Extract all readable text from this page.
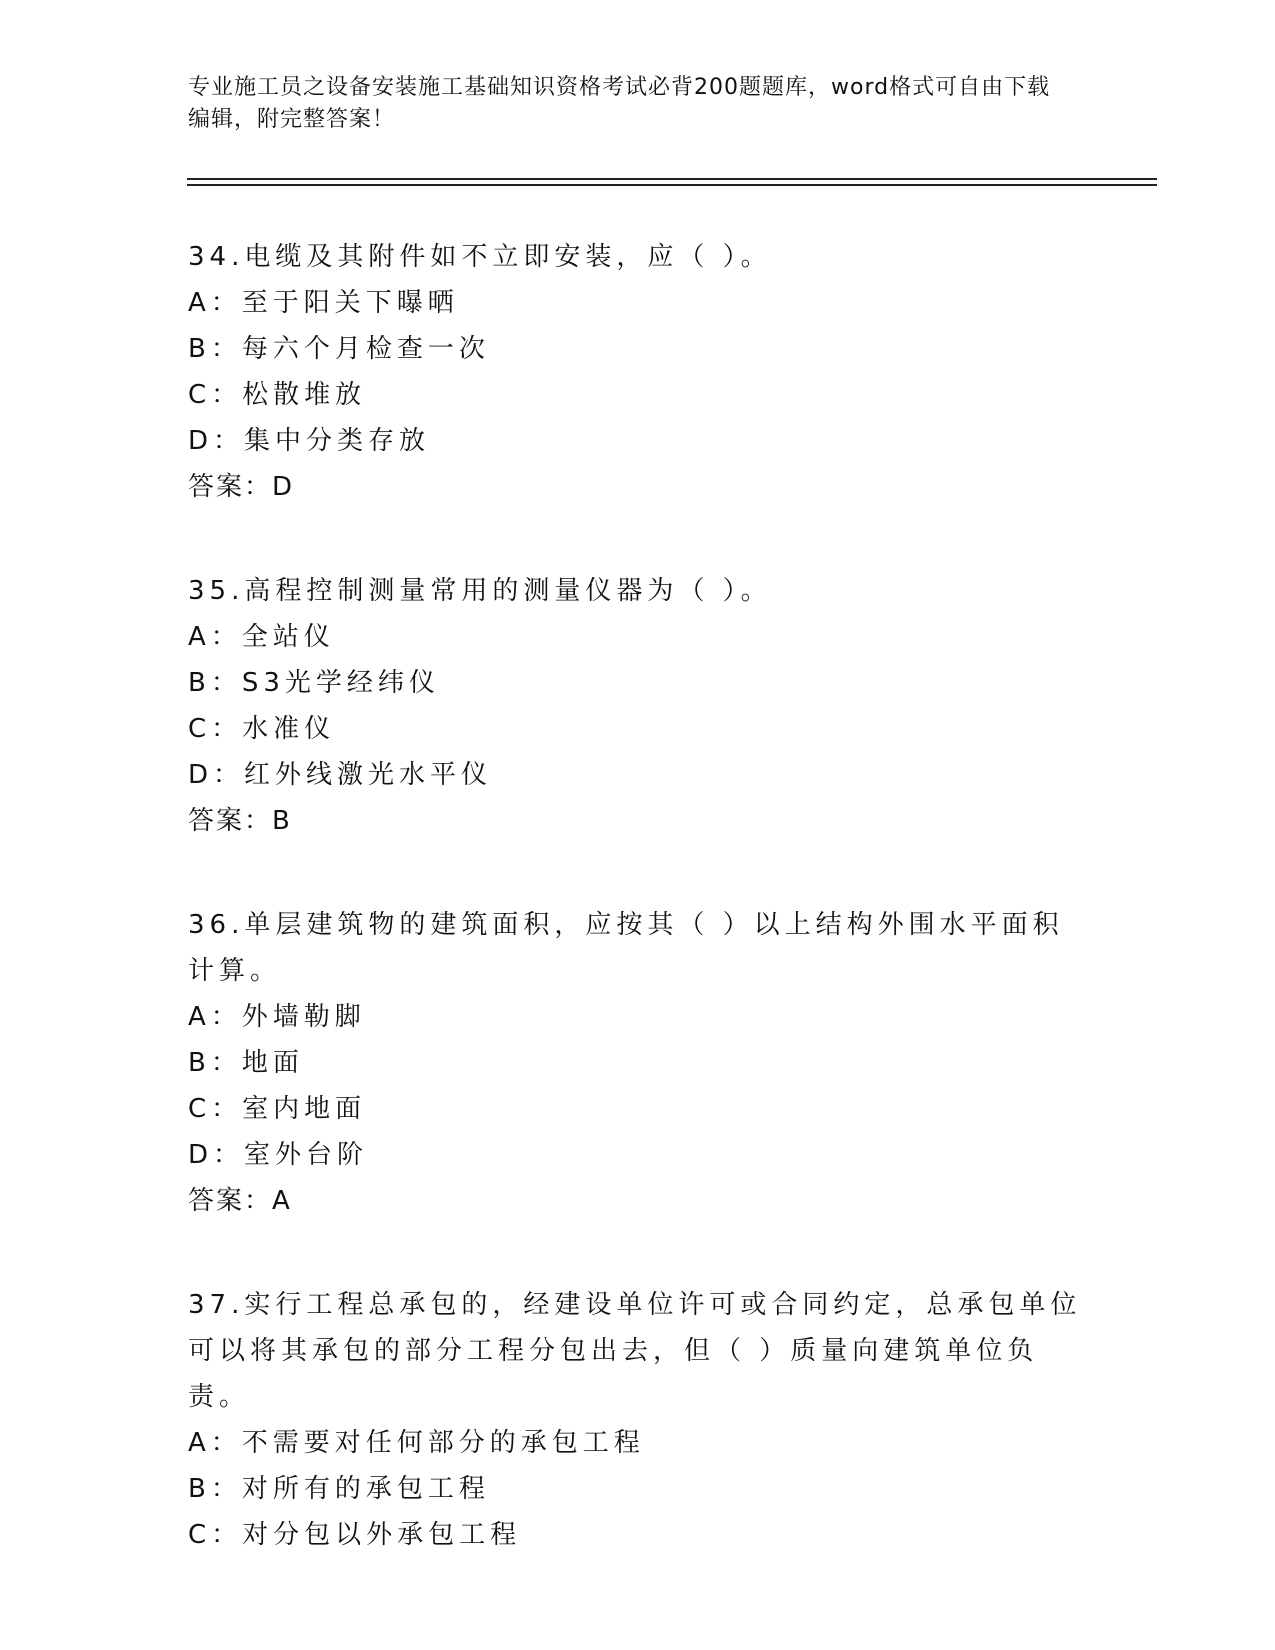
专业施工员之设备安装施工基础知识资格考试必背200题题库，word格式可自由下载编辑，附完整答案！

34.电缆及其附件如不立即安装，应（ ）。

A：至于阳关下曝晒

B：每六个月检查一次

C：松散堆放

D：集中分类存放

答案：D

35.高程控制测量常用的测量仪器为（ ）。

A：全站仪

B：S3光学经纬仪

C：水准仪

D：红外线激光水平仪

答案：B

36.单层建筑物的建筑面积，应按其（ ）以上结构外围水平面积计算。

A：外墙勒脚

B：地面

C：室内地面

D：室外台阶

答案：A

37.实行工程总承包的，经建设单位许可或合同约定，总承包单位可以将其承包的部分工程分包出去，但（ ）质量向建筑单位负责。

A：不需要对任何部分的承包工程

B：对所有的承包工程

C：对分包以外承包工程
